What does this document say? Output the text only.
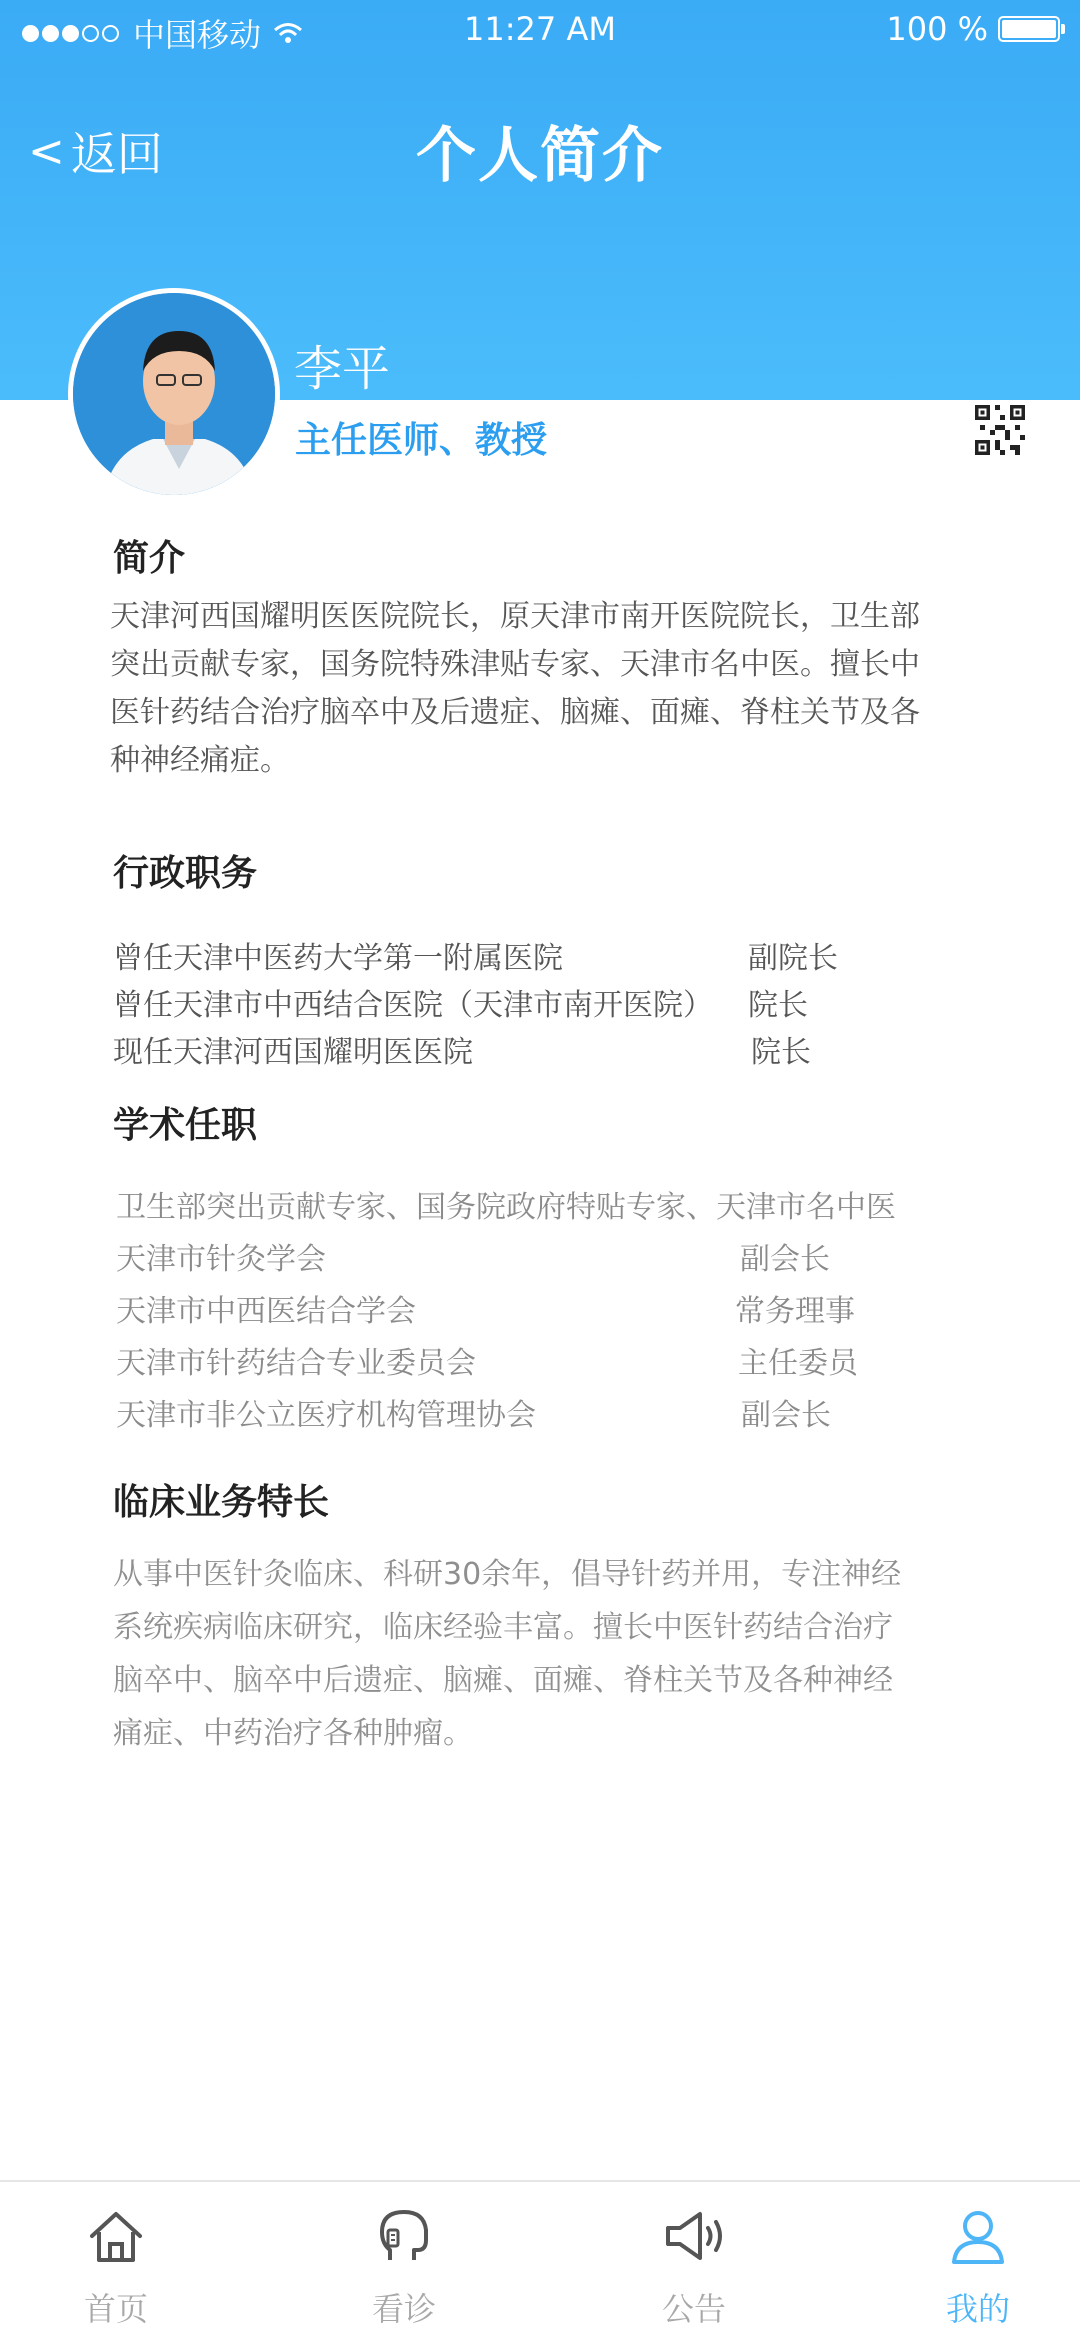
中国移动	11:27 AM	100 %
< 返回	个人简介
李平
主任医师、教授
简介
天津河西国耀明医医院院长，原天津市南开医院院长，卫生部
突出贡献专家，国务院特殊津贴专家、天津市名中医。擅长中
医针药结合治疗脑卒中及后遗症、脑瘫、面瘫、脊柱关节及各
种神经痛症。
行政职务
曾任天津中医药大学第一附属医院	副院长
曾任天津市中西结合医院（天津市南开医院） 院长
现任天津河西国耀明医医院	院长
学术任职
卫生部突出贡献专家、国务院政府特贴专家、天津市名中医
天津市针灸学会	副会长
天津市中西医结合学会	常务理事
天津市针药结合专业委员会	主任委员
天津市非公立医疗机构管理协会	副会长
临床业务特长
从事中医针灸临床、科研30余年，倡导针药并用，专注神经
系统疾病临床研究，临床经验丰富。擅长中医针药结合治疗
脑卒中、脑卒中后遗症、脑瘫、面瘫、脊柱关节及各种神经
痛症、中药治疗各种肿瘤。
首页	看诊	公告	我的
